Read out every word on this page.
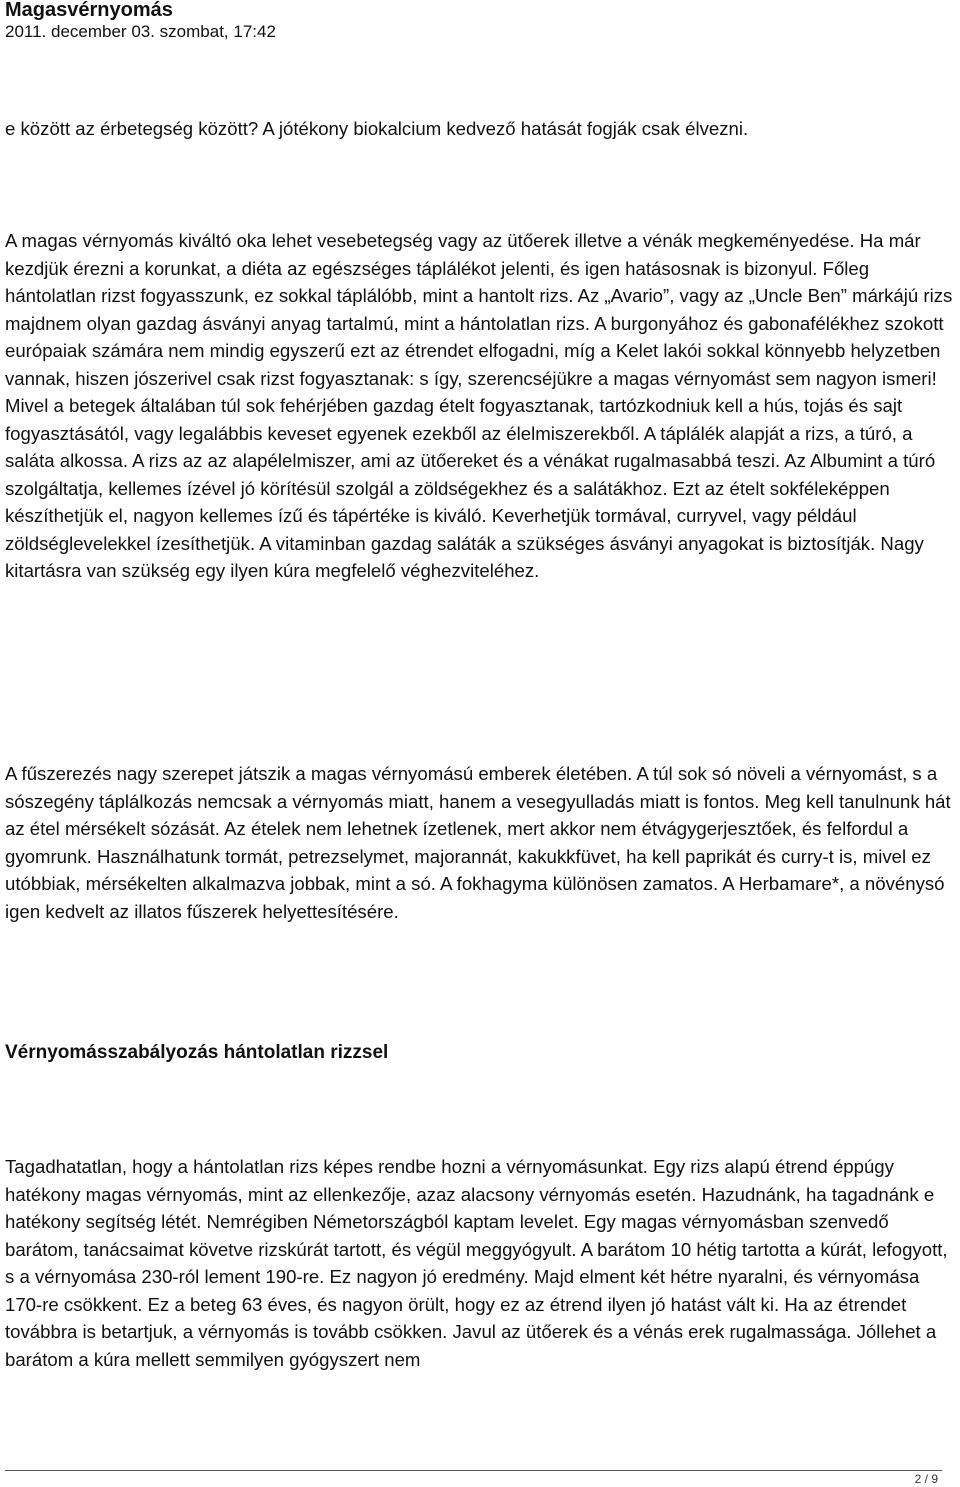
Magasvérnyomás

2011. december 03. szombat, 17:42

e között az érbetegség között? A jótékony biokalcium kedvező hatását fogják csak élvezni.

A magas vérnyomás kiváltó oka lehet vesebetegség vagy az ütőerek illetve a vénák megkeményedése. Ha már kezdjük érezni a korunkat, a diéta az egészséges táplálékot jelenti, és igen hatásosnak is bizonyul. Főleg hántolatlan rizst fogyasszunk, ez sokkal táplálóbb, mint a hantolt rizs. Az „Avario”, vagy az „Uncle Ben” márkájú rizs majdnem olyan gazdag ásványi anyag tartalmú, mint a hántolatlan rizs. A burgonyához és gabonafélékhez szokott európaiak számára nem mindig egyszerű ezt az étrendet elfogadni, míg a Kelet lakói sokkal könnyebb helyzetben vannak, hiszen jószerivel csak rizst fogyasztanak: s így, szerencséjükre a magas vérnyomást sem nagyon ismeri! Mivel a betegek általában túl sok fehérjében gazdag ételt fogyasztanak, tartózkodniuk kell a hús, tojás és sajt fogyasztásától, vagy legalábbis keveset egyenek ezekből az élelmiszerekből. A táplálék alapját a rizs, a túró, a saláta alkossa. A rizs az az alapélelmiszer, ami az ütőereket és a vénákat rugalmasabbá teszi. Az Albumint a túró szolgáltatja, kellemes ízével jó körítésül szolgál a zöldségekhez és a salátákhoz. Ezt az ételt sokféleképpen készíthetjük el, nagyon kellemes ízű és tápértéke is kiváló. Keverhetjük tormával, curryvel, vagy például zöldséglevelekkel ízesíthetjük. A vitaminban gazdag saláták a szükséges ásványi anyagokat is biztosítják. Nagy kitartásra van szükség egy ilyen kúra megfelelő véghezviteléhez.

A fűszerezés nagy szerepet játszik a magas vérnyomású emberek életében. A túl sok só növeli a vérnyomást, s a sószegény táplálkozás nemcsak a vérnyomás miatt, hanem a vesegyulladás miatt is fontos. Meg kell tanulnunk hát az étel mérsékelt sózását. Az ételek nem lehetnek ízetlenek, mert akkor nem étvágygerjesztőek, és felfordul a gyomrunk. Használhatunk tormát, petrezselymet, majorannát, kakukkfüvet, ha kell paprikát és curry-t is, mivel ez utóbbiak, mérsékelten alkalmazva jobbak, mint a só. A fokhagyma különösen zamatos. A Herbamare*, a növénysó igen kedvelt az illatos fűszerek helyettesítésére.

Vérnyomásszabályozás hántolatlan rizzsel

Tagadhatatlan, hogy a hántolatlan rizs képes rendbe hozni a vérnyomásunkat. Egy rizs alapú étrend éppúgy hatékony magas vérnyomás, mint az ellenkezője, azaz alacsony vérnyomás esetén. Hazudnánk, ha tagadnánk e hatékony segítség létét. Nemrégiben Németországból kaptam levelet. Egy magas vérnyomásban szenvedő barátom, tanácsaimat követve rizskúrát tartott, és végül meggyógyult. A barátom 10 hétig tartotta a kúrát, lefogyott, s a vérnyomása 230-ról lement 190-re. Ez nagyon jó eredmény. Majd elment két hétre nyaralni, és vérnyomása 170-re csökkent. Ez a beteg 63 éves, és nagyon örült, hogy ez az étrend ilyen jó hatást vált ki. Ha az étrendet továbbra is betartjuk, a vérnyomás is tovább csökken. Javul az ütőerek és a vénás erek rugalmassága. Jóllehet a barátom a kúra mellett semmilyen gyógyszert nem

2 / 9
